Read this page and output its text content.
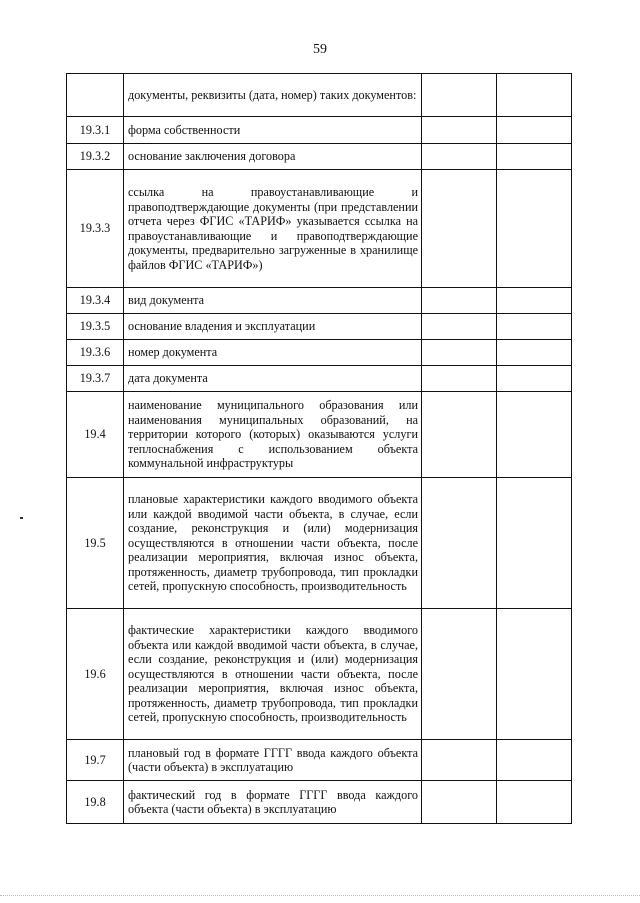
59
	документы, реквизиты (дата, номер) таких документов:		
19.3.1	форма собственности		
19.3.2	основание заключения договора		
19.3.3	ссылка на правоустанавливающие и правоподтверждающие документы (при представлении отчета через ФГИС «ТАРИФ» указывается ссылка на правоустанавливающие и правоподтверждающие документы, предварительно загруженные в хранилище файлов ФГИС «ТАРИФ»)		
19.3.4	вид документа		
19.3.5	основание владения и эксплуатации		
19.3.6	номер документа		
19.3.7	дата документа		
19.4	наименование муниципального образования или наименования муниципальных образований, на территории которого (которых) оказываются услуги теплоснабжения с использованием объекта коммунальной инфраструктуры		
19.5	плановые характеристики каждого вводимого объекта или каждой вводимой части объекта, в случае, если создание, реконструкция и (или) модернизация осуществляются в отношении части объекта, после реализации мероприятия, включая износ объекта, протяженность, диаметр трубопровода, тип прокладки сетей, пропускную способность, производительность		
19.6	фактические характеристики каждого вводимого объекта или каждой вводимой части объекта, в случае, если создание, реконструкция и (или) модернизация осуществляются в отношении части объекта, после реализации мероприятия, включая износ объекта, протяженность, диаметр трубопровода, тип прокладки сетей, пропускную способность, производительность		
19.7	плановый год в формате ГГГГ ввода каждого объекта (части объекта) в эксплуатацию		
19.8	фактический год в формате ГГГГ ввода каждого объекта (части объекта) в эксплуатацию		
